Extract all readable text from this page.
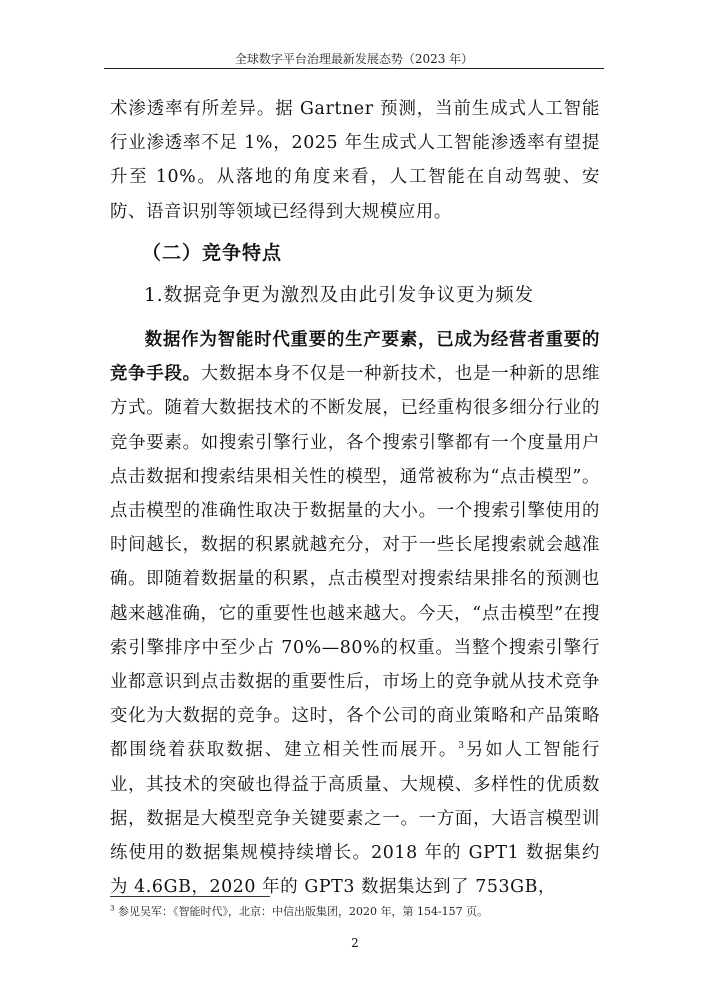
全球数字平台治理最新发展态势（2023 年）
术渗透率有所差异。据 Gartner 预测，当前生成式人工智能行业渗透率不足 1%，2025 年生成式人工智能渗透率有望提升至 10%。从落地的角度来看，人工智能在自动驾驶、安防、语音识别等领域已经得到大规模应用。
（二）竞争特点
1.数据竞争更为激烈及由此引发争议更为频发
数据作为智能时代重要的生产要素，已成为经营者重要的竞争手段。大数据本身不仅是一种新技术，也是一种新的思维方式。随着大数据技术的不断发展，已经重构很多细分行业的竞争要素。如搜索引擎行业，各个搜索引擎都有一个度量用户点击数据和搜索结果相关性的模型，通常被称为“点击模型”。点击模型的准确性取决于数据量的大小。一个搜索引擎使用的时间越长，数据的积累就越充分，对于一些长尾搜索就会越准确。即随着数据量的积累，点击模型对搜索结果排名的预测也越来越准确，它的重要性也越来越大。今天，“点击模型”在搜索引擎排序中至少占 70%—80%的权重。当整个搜索引擎行业都意识到点击数据的重要性后，市场上的竞争就从技术竞争变化为大数据的竞争。这时，各个公司的商业策略和产品策略都围绕着获取数据、建立相关性而展开。$^3$另如人工智能行业，其技术的突破也得益于高质量、大规模、多样性的优质数据，数据是大模型竞争关键要素之一。一方面，大语言模型训练使用的数据集规模持续增长。2018 年的 GPT1 数据集约为 4.6GB，2020 年的 GPT3 数据集达到了 753GB，
$^3$ 参见吴军：《智能时代》，北京：中信出版集团，2020 年，第 154-157 页。
2
